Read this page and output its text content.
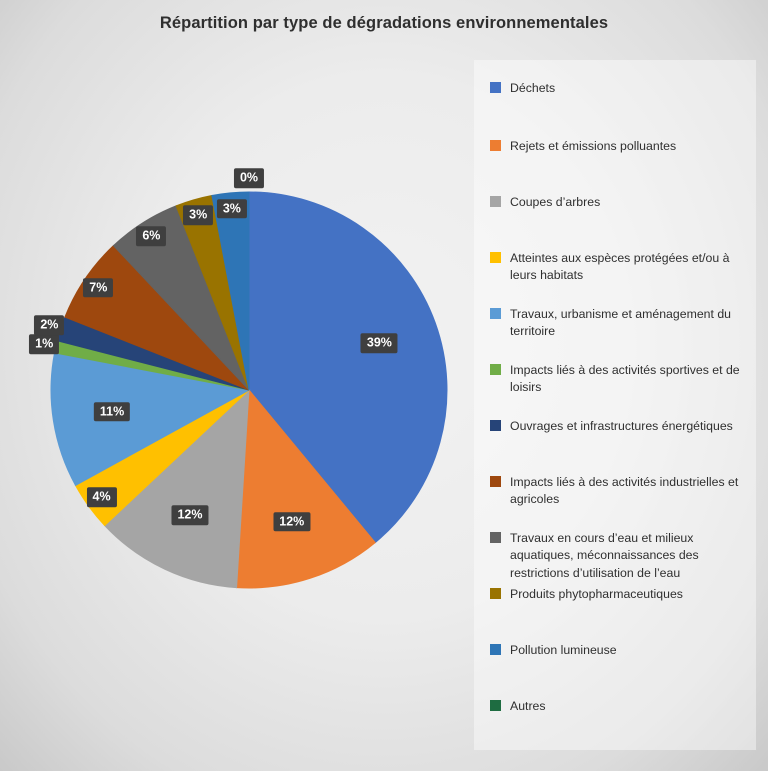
Répartition par type de dégradations environnementales
39%
12%
12%
4%
11%
1%
2%
7%
6%
3%	3%
0%
Déchets
Rejets et émissions polluantes
Coupes d’arbres
Atteintes aux espèces protégées et/ou à leurs habitats
Travaux, urbanisme et aménagement du territoire
Impacts liés à des activités sportives et de loisirs
Ouvrages et infrastructures énergétiques
Impacts liés à des activités industrielles et agricoles
Travaux en cours d’eau et milieux aquatiques, méconnaissances des restrictions d’utilisation de l’eau
Produits phytopharmaceutiques
Pollution lumineuse
Autres
